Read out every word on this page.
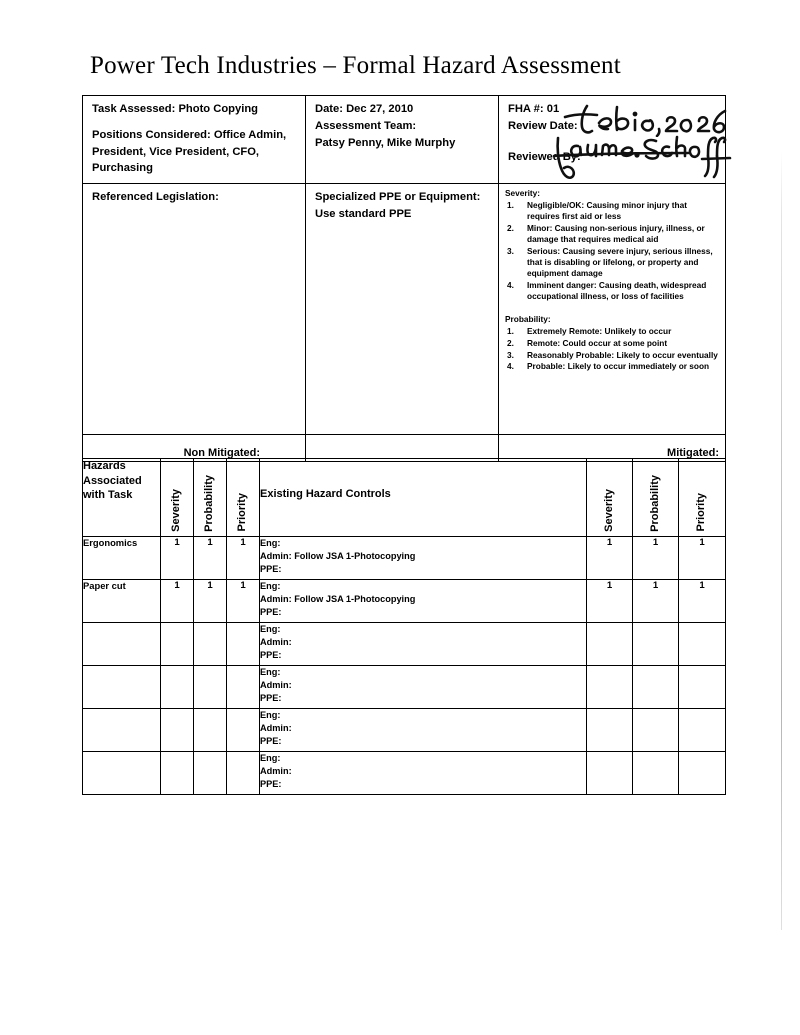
Power Tech Industries – Formal Hazard Assessment
Task Assessed: Photo Copying
Positions Considered: Office Admin, President, Vice President, CFO, Purchasing

Date: Dec 27, 2010
Assessment Team:
Patsy Penny, Mike Murphy

FHA #: 01
Review Date:
Reviewed By:

Referenced Legislation:	Specialized PPE or Equipment:
Use standard PPE

Severity:
1. Negligible/OK: Causing minor injury that requires first aid or less
2. Minor: Causing non-serious injury, illness, or damage that requires medical aid
3. Serious: Causing severe injury, serious illness, that is disabling or lifelong, or property and equipment damage
4. Imminent danger: Causing death, widespread occupational illness, or loss of facilities
Probability:
1. Extremely Remote: Unlikely to occur
2. Remote: Could occur at some point
3. Reasonably Probable: Likely to occur eventually
4. Probable: Likely to occur immediately or soon

Non Mitigated:		Mitigated:
Hazards Associated with Task	Severity	Probability	Priority	Existing Hazard Controls	Severity	Probability	Priority

Ergonomics	1	1	1	Eng:
Admin: Follow JSA 1-Photocopying
PPE:	1	1	1
Paper cut	1	1	1	Eng:
Admin: Follow JSA 1-Photocopying
PPE:	1	1	1

				Eng:
Admin:
PPE:			

				Eng:
Admin:
PPE:			

				Eng:
Admin:
PPE:			

				Eng:
Admin:
PPE:			
